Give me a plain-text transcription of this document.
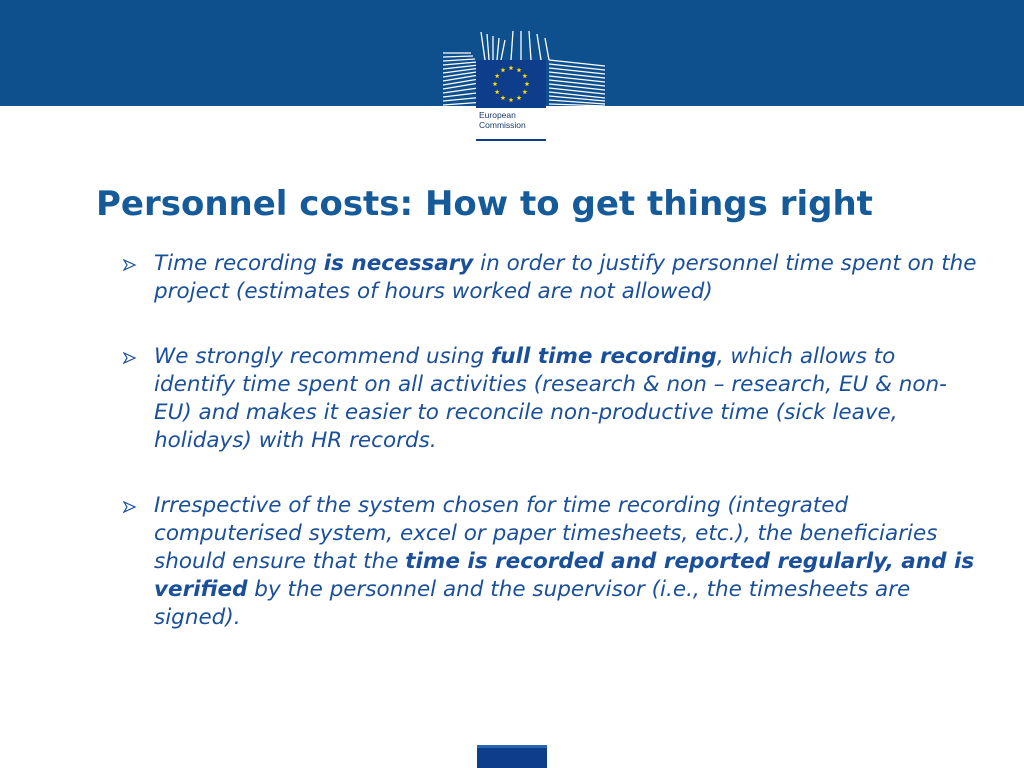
European
Commission
Personnel costs: How to get things right
Time recording is necessary in order to justify personnel time spent on the project (estimates of hours worked are not allowed)
We strongly recommend using full time recording, which allows to identify time spent on all activities (research & non – research, EU & non-EU) and makes it easier to reconcile non-productive time (sick leave, holidays) with HR records.
Irrespective of the system chosen for time recording (integrated computerised system, excel or paper timesheets, etc.), the beneficiaries should ensure that the time is recorded and reported regularly, and is verified by the personnel and the supervisor (i.e., the timesheets are signed).
